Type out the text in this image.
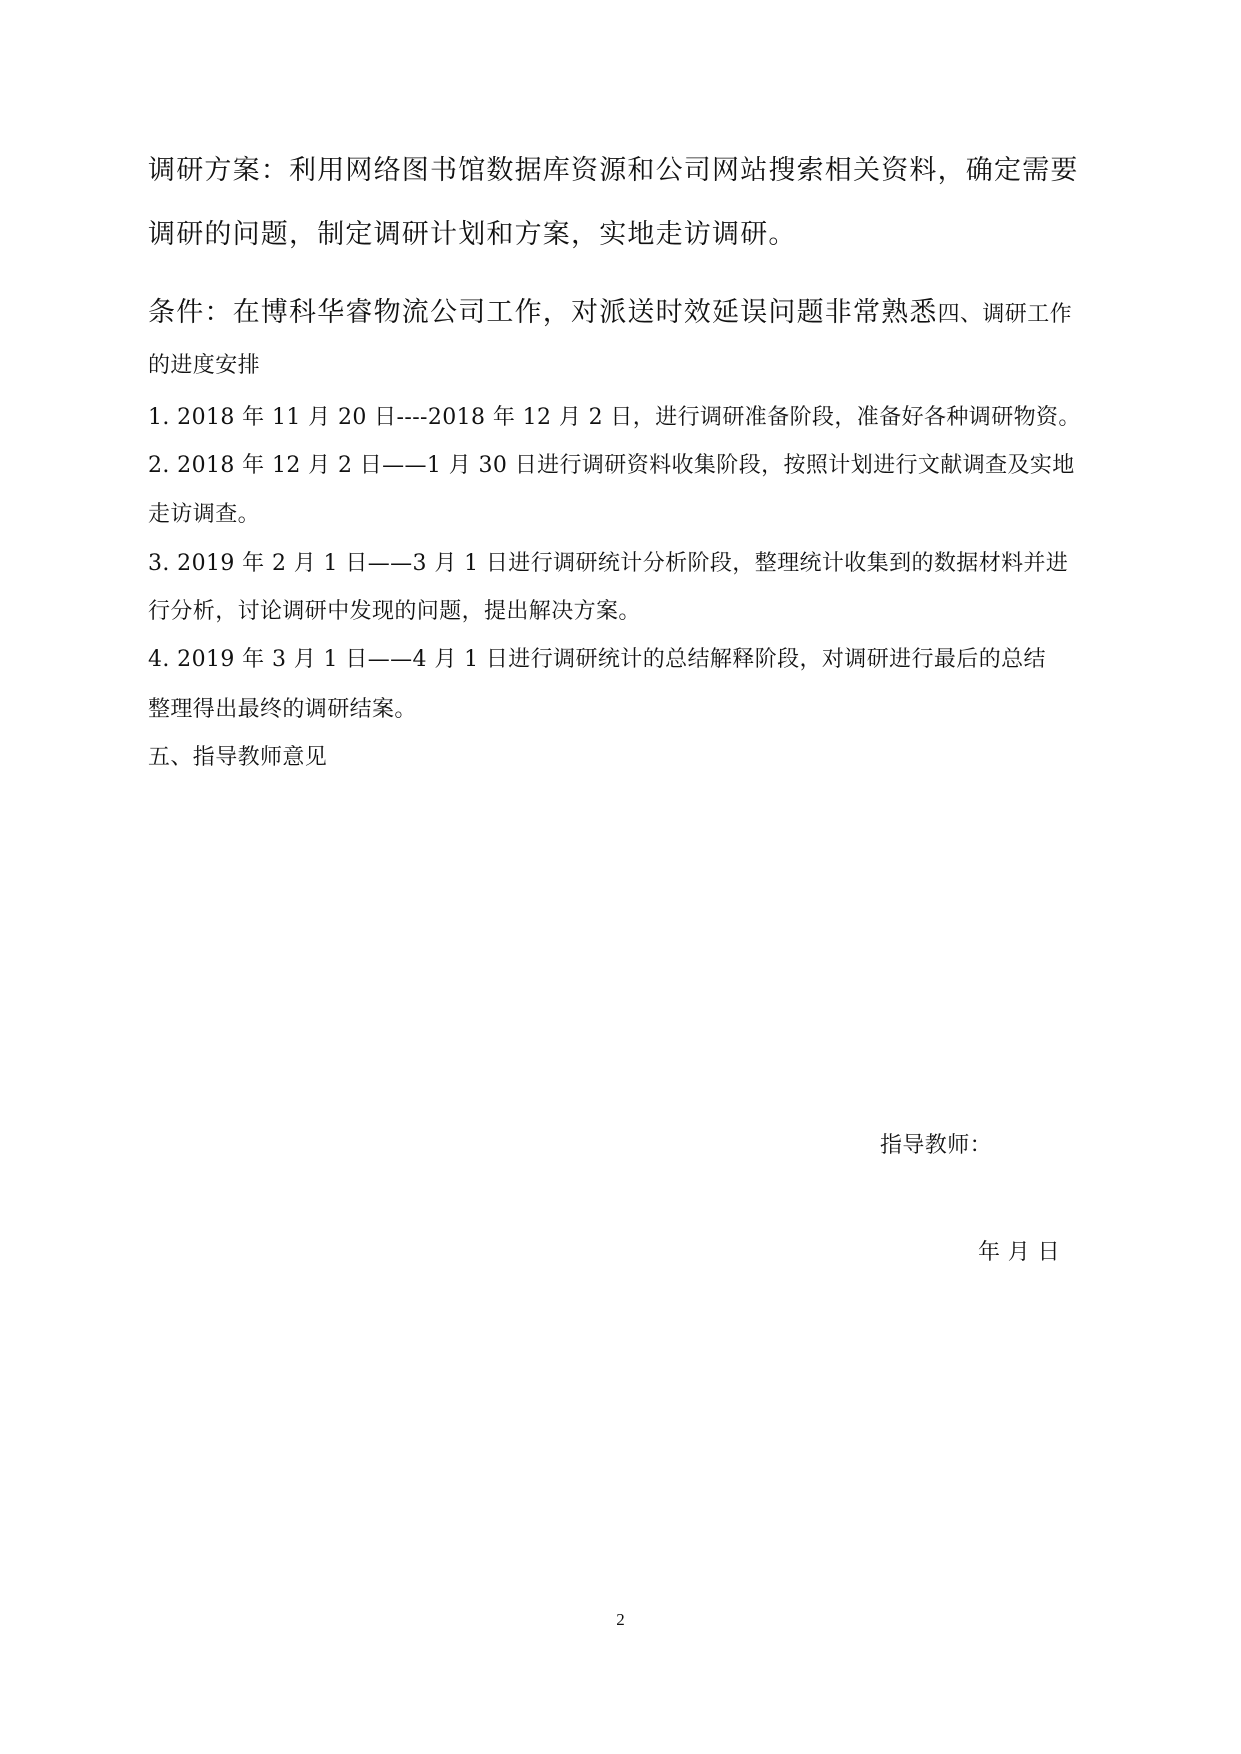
调研方案：利用网络图书馆数据库资源和公司网站搜索相关资料，确定需要
调研的问题，制定调研计划和方案，实地走访调研。
条件：在博科华睿物流公司工作，对派送时效延误问题非常熟悉四、调研工作
的进度安排
1. 2018 年 11 月 20 日----2018 年 12 月 2 日，进行调研准备阶段，准备好各种调研物资。
2. 2018 年 12 月 2 日——1 月 30 日进行调研资料收集阶段，按照计划进行文献调查及实地
走访调查。
3. 2019 年 2 月 1 日——3 月 1 日进行调研统计分析阶段，整理统计收集到的数据材料并进
行分析，讨论调研中发现的问题，提出解决方案。
4. 2019 年 3 月 1 日——4 月 1 日进行调研统计的总结解释阶段，对调研进行最后的总结
整理得出最终的调研结案。
五、指导教师意见
指导教师：
年 月 日
2
